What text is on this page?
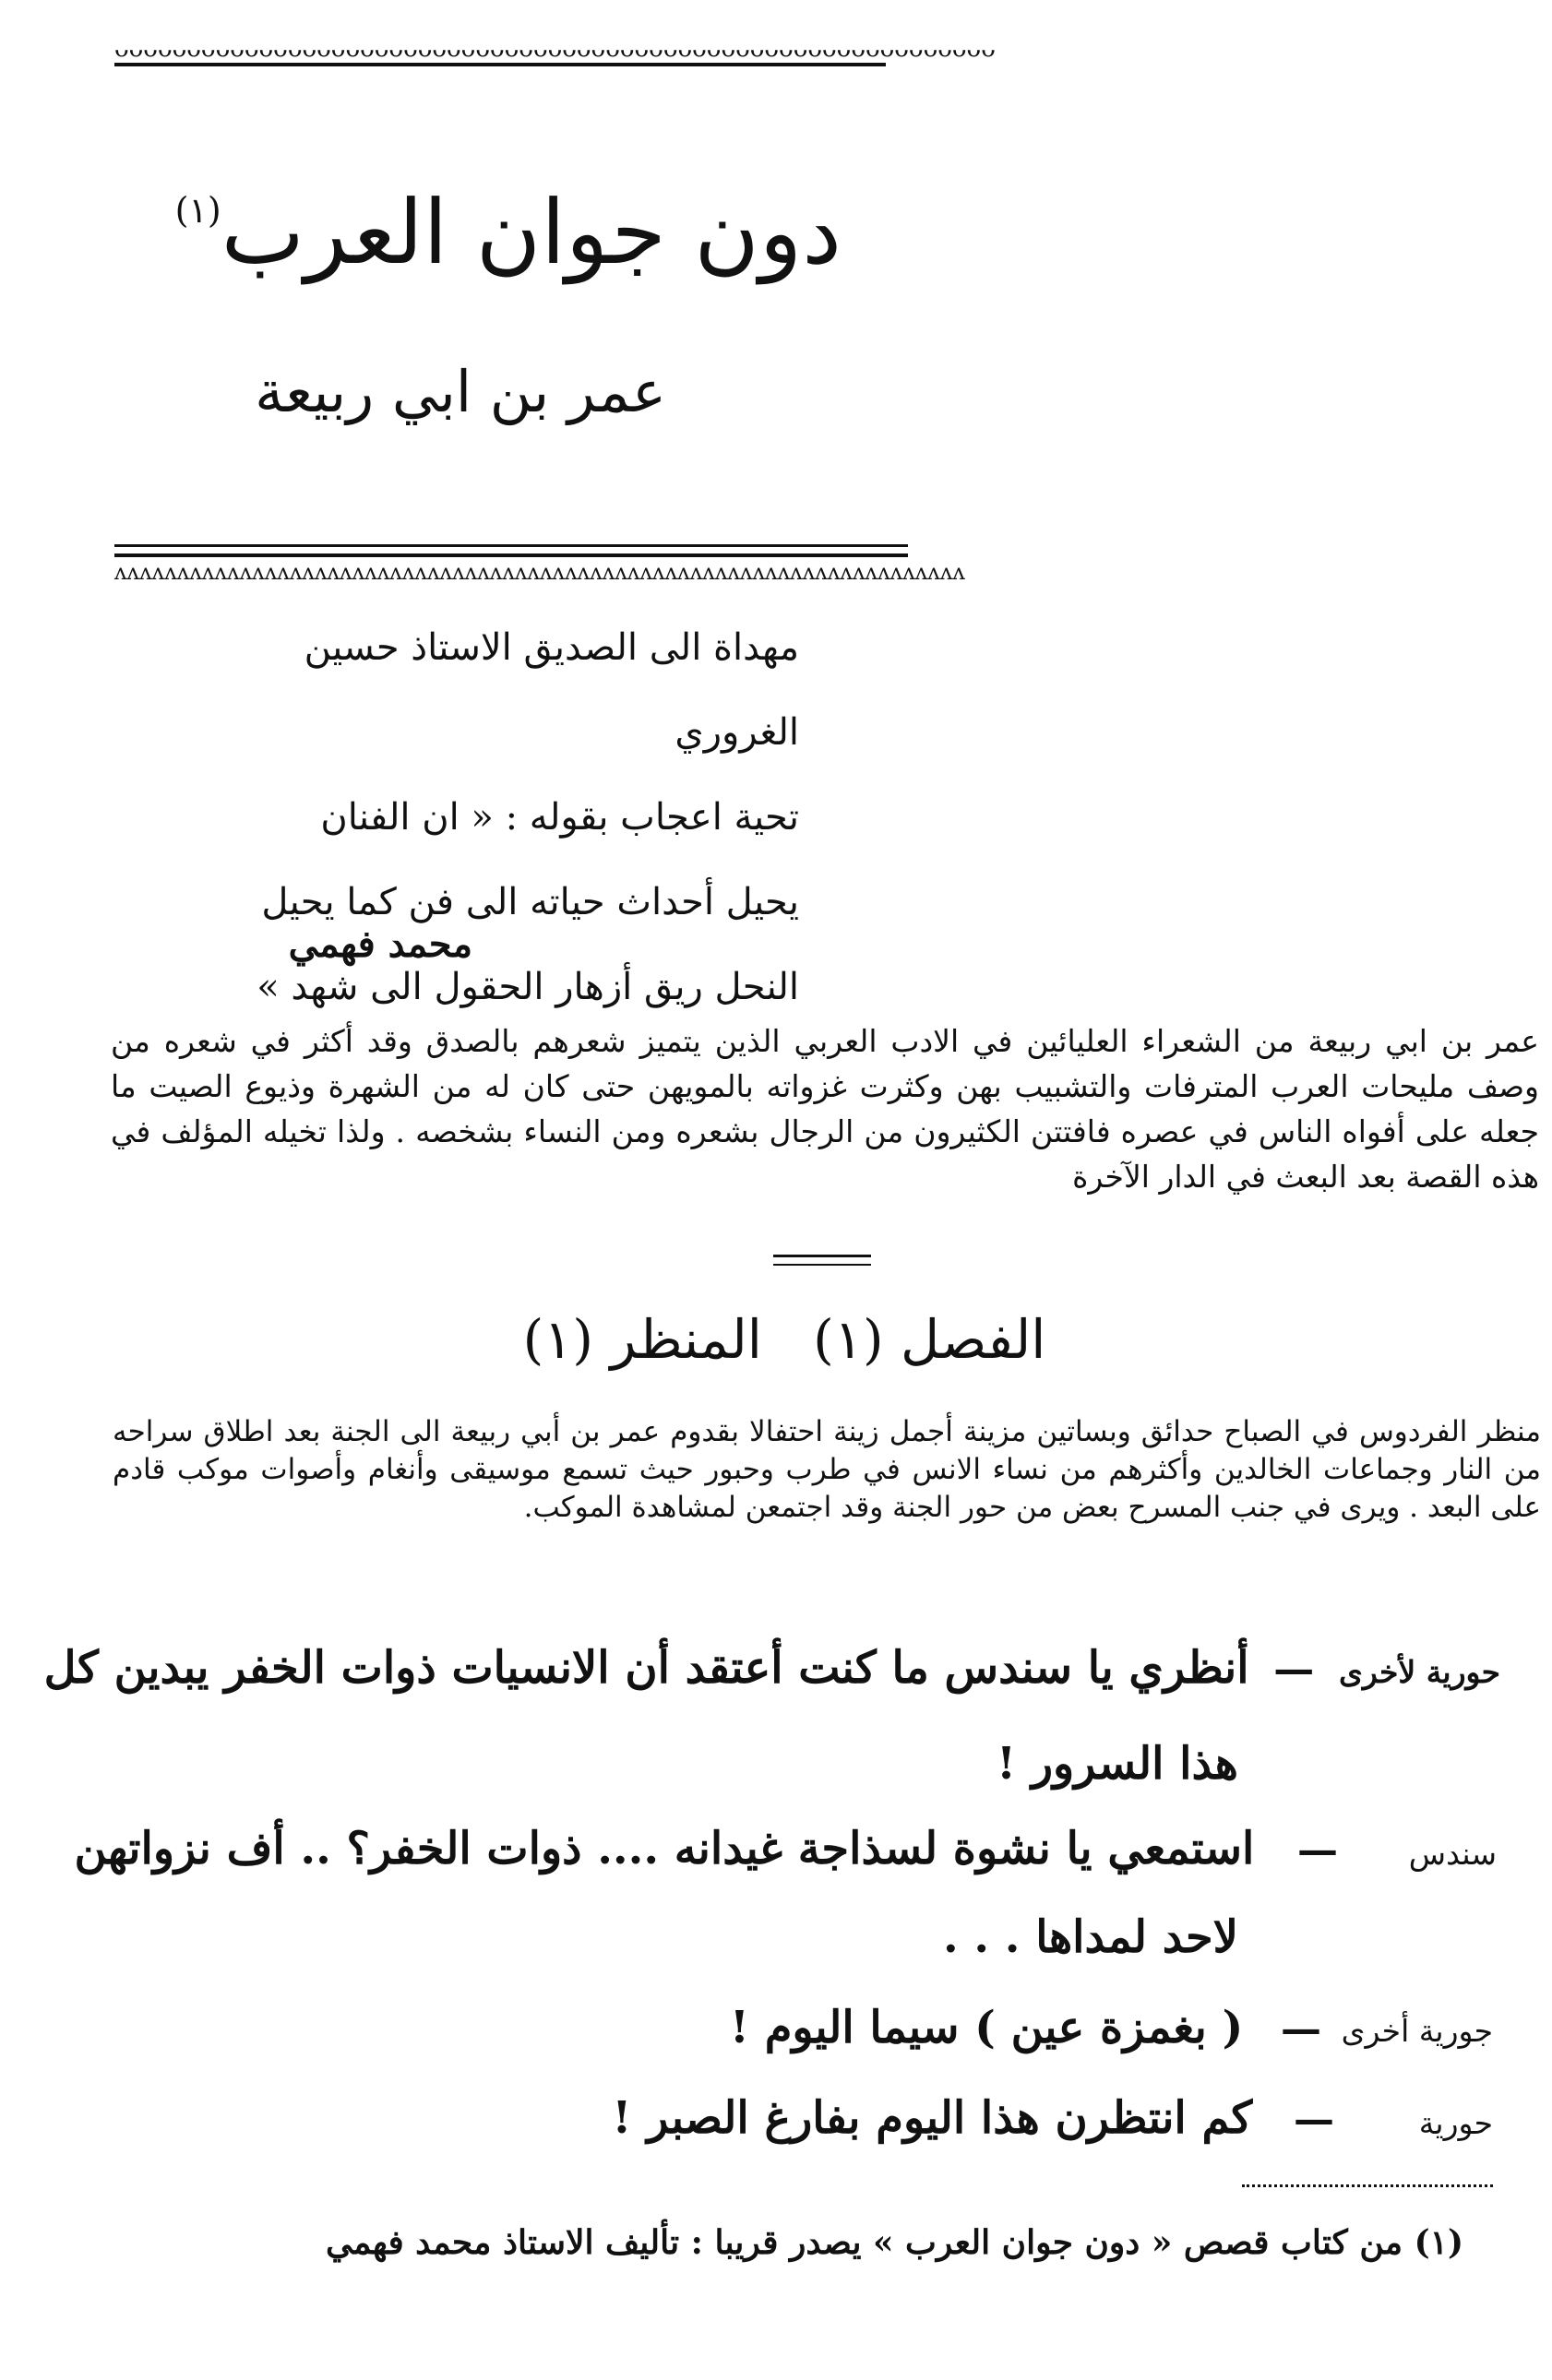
ᴗᴗᴗᴗᴗᴗᴗᴗᴗᴗᴗᴗᴗᴗᴗᴗᴗᴗᴗᴗᴗᴗᴗᴗᴗᴗᴗᴗᴗᴗᴗᴗᴗᴗᴗᴗᴗᴗᴗᴗᴗᴗᴗᴗᴗᴗᴗᴗᴗᴗᴗᴗᴗᴗᴗᴗᴗᴗᴗᴗᴗ
دون جوان العرب$^{(١)}$
عمر بن ابي ربيعة
ᴧᴧᴧᴧᴧᴧᴧᴧᴧᴧᴧᴧᴧᴧᴧᴧᴧᴧᴧᴧᴧᴧᴧᴧᴧᴧᴧᴧᴧᴧᴧᴧᴧᴧᴧᴧᴧᴧᴧᴧᴧᴧᴧᴧᴧᴧᴧᴧᴧᴧᴧᴧᴧᴧᴧᴧᴧᴧᴧᴧᴧᴧᴧᴧᴧᴧᴧᴧ
مهداة الى الصديق الاستاذ حسين الغروري
تحية اعجاب بقوله : « ان الفنان
يحيل أحداث حياته الى فن كما يحيل
النحل ريق أزهار الحقول الى شهد »
محمد فهمي
عمر بن ابي ربيعة من الشعراء العليائين في الادب العربي الذين يتميز شعرهم بالصدق وقد أكثر في شعره من وصف مليحات العرب المترفات والتشبيب بهن وكثرت غزواته بالمويهن حتى كان له من الشهرة وذيوع الصيت ما جعله على أفواه الناس في عصره فافتتن الكثيرون من الرجال بشعره ومن النساء بشخصه . ولذا تخيله المؤلف في هذه القصة بعد البعث في الدار الآخرة
الفصل (١)   المنظر (١)
منظر الفردوس في الصباح حدائق وبساتين مزينة أجمل زينة احتفالا بقدوم عمر بن أبي ربيعة الى الجنة بعد اطلاق سراحه من النار وجماعات الخالدين وأكثرهم من نساء الانس في طرب وحبور حيث تسمع موسيقى وأنغام وأصوات موكب قادم على البعد . ويرى في جنب المسرح بعض من حور الجنة وقد اجتمعن لمشاهدة الموكب.
حورية لأخرى — أنظري يا سندس ما كنت أعتقد أن الانسيات ذوات الخفر يبدين كل
هذا السرور !
سندس
— استمعي يا نشوة لسذاجة غيدانه .... ذوات الخفر؟ .. أف نزواتهن
لاحد لمداها . . .
جورية أخرى
— ( بغمزة عين ) سيما اليوم !
حورية
— كم انتظرن هذا اليوم بفارغ الصبر !
(١) من كتاب قصص « دون جوان العرب » يصدر قريبا : تأليف الاستاذ محمد فهمي
